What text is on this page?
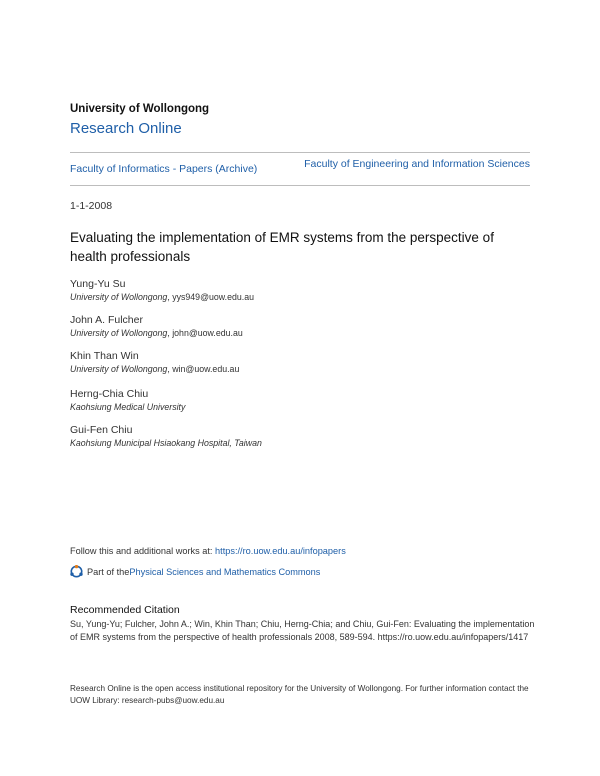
University of Wollongong
Research Online
Faculty of Informatics - Papers (Archive)	Faculty of Engineering and Information Sciences
1-1-2008
Evaluating the implementation of EMR systems from the perspective of health professionals
Yung-Yu Su
University of Wollongong, yys949@uow.edu.au
John A. Fulcher
University of Wollongong, john@uow.edu.au
Khin Than Win
University of Wollongong, win@uow.edu.au
Herng-Chia Chiu
Kaohsiung Medical University
Gui-Fen Chiu
Kaohsiung Municipal Hsiaokang Hospital, Taiwan
Follow this and additional works at: https://ro.uow.edu.au/infopapers
Part of the Physical Sciences and Mathematics Commons
Recommended Citation
Su, Yung-Yu; Fulcher, John A.; Win, Khin Than; Chiu, Herng-Chia; and Chiu, Gui-Fen: Evaluating the implementation of EMR systems from the perspective of health professionals 2008, 589-594. https://ro.uow.edu.au/infopapers/1417
Research Online is the open access institutional repository for the University of Wollongong. For further information contact the UOW Library: research-pubs@uow.edu.au
